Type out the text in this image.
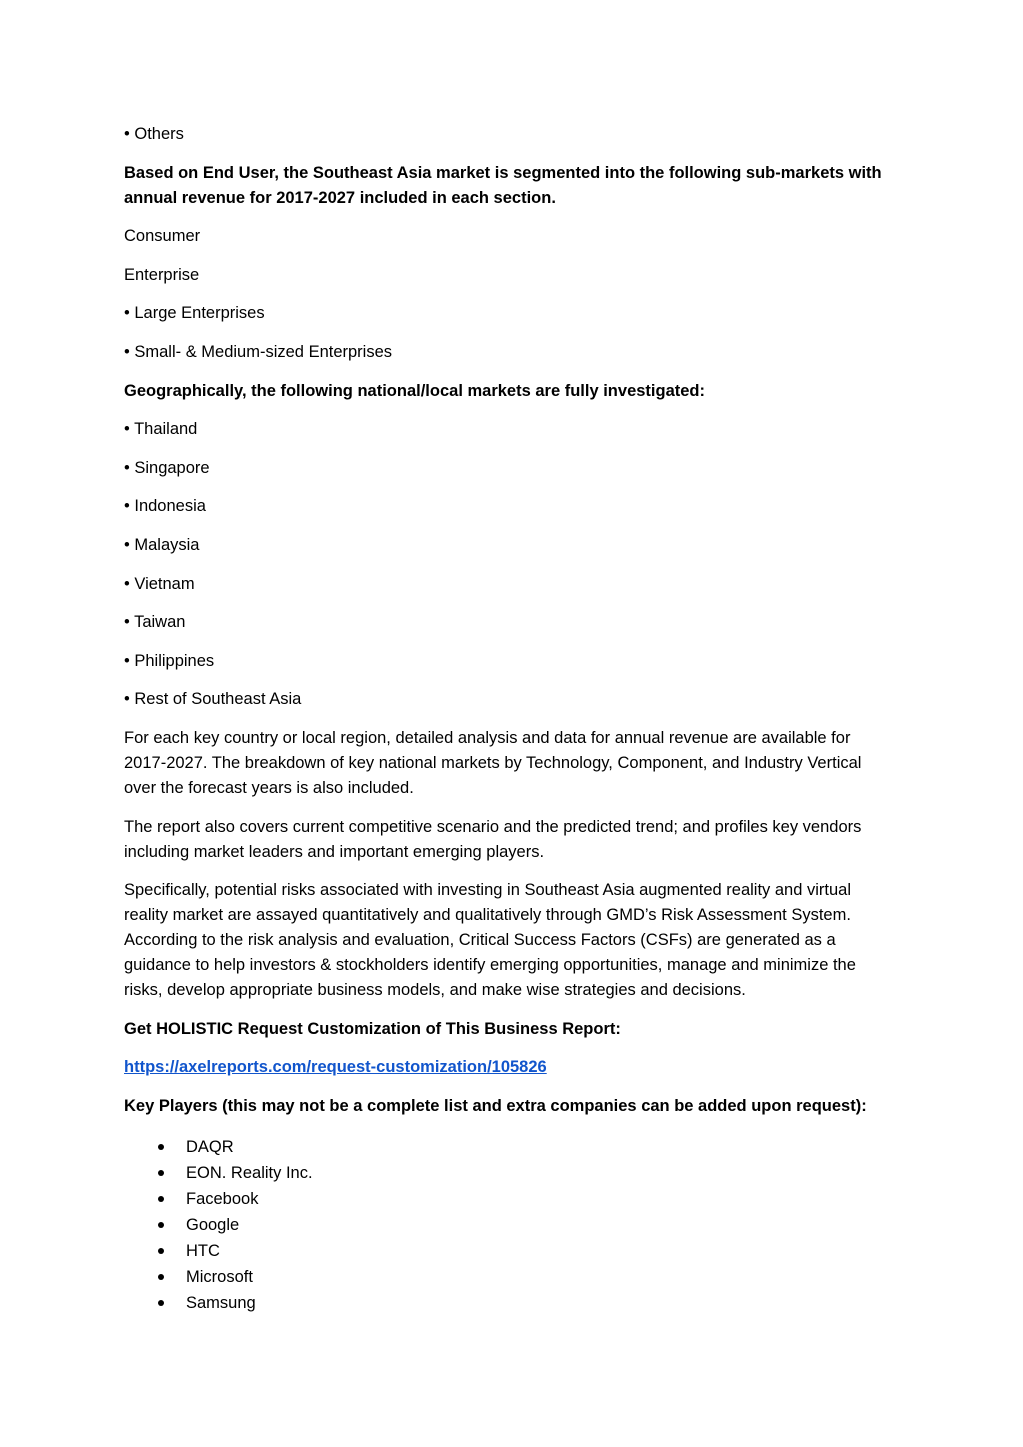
• Others

Based on End User, the Southeast Asia market is segmented into the following sub-markets with annual revenue for 2017-2027 included in each section.

Consumer

Enterprise

• Large Enterprises

• Small- & Medium-sized Enterprises

Geographically, the following national/local markets are fully investigated:

• Thailand

• Singapore

• Indonesia

• Malaysia

• Vietnam

• Taiwan

• Philippines

• Rest of Southeast Asia

For each key country or local region, detailed analysis and data for annual revenue are available for 2017-2027. The breakdown of key national markets by Technology, Component, and Industry Vertical over the forecast years is also included.

The report also covers current competitive scenario and the predicted trend; and profiles key vendors including market leaders and important emerging players.

Specifically, potential risks associated with investing in Southeast Asia augmented reality and virtual reality market are assayed quantitatively and qualitatively through GMD’s Risk Assessment System. According to the risk analysis and evaluation, Critical Success Factors (CSFs) are generated as a guidance to help investors & stockholders identify emerging opportunities, manage and minimize the risks, develop appropriate business models, and make wise strategies and decisions.

Get HOLISTIC Request Customization of This Business Report:

https://axelreports.com/request-customization/105826

Key Players (this may not be a complete list and extra companies can be added upon request):

DAQR
EON. Reality Inc.
Facebook
Google
HTC
Microsoft
Samsung
